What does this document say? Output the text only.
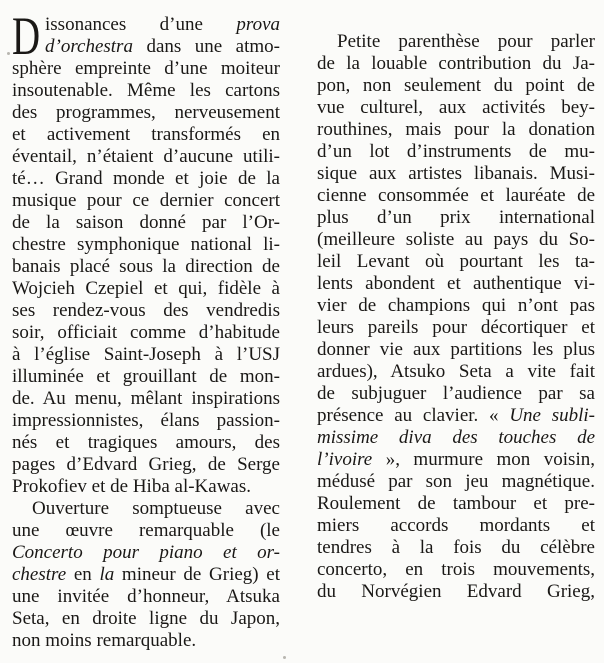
D issonances d’une prova
d’orchestra dans une atmo-
sphère empreinte d’une moiteur
insoutenable. Même les cartons
des programmes, nerveusement
et activement transformés en
éventail, n’étaient d’aucune utili-
té… Grand monde et joie de la
musique pour ce dernier concert
de la saison donné par l’Or-
chestre symphonique national li-
banais placé sous la direction de
Wojcieh Czepiel et qui, fidèle à
ses rendez-vous des vendredis
soir, officiait comme d’habitude
à l’église Saint-Joseph à l’USJ
illuminée et grouillant de mon-
de. Au menu, mêlant inspirations
impressionnistes, élans passion-
nés et tragiques amours, des
pages d’Edvard Grieg, de Serge
Prokofiev et de Hiba al-Kawas.
Ouverture somptueuse avec
une œuvre remarquable (le
Concerto pour piano et or-
chestre en la mineur de Grieg) et
une invitée d’honneur, Atsuka
Seta, en droite ligne du Japon,
non moins remarquable.
Petite parenthèse pour parler
de la louable contribution du Ja-
pon, non seulement du point de
vue culturel, aux activités bey-
routhines, mais pour la donation
d’un lot d’instruments de mu-
sique aux artistes libanais. Musi-
cienne consommée et lauréate de
plus d’un prix international
(meilleure soliste au pays du So-
leil Levant où pourtant les ta-
lents abondent et authentique vi-
vier de champions qui n’ont pas
leurs pareils pour décortiquer et
donner vie aux partitions les plus
ardues), Atsuko Seta a vite fait
de subjuguer l’audience par sa
présence au clavier. « Une subli-
missime diva des touches de
l’ivoire », murmure mon voisin,
médusé par son jeu magnétique.
Roulement de tambour et pre-
miers accords mordants et
tendres à la fois du célèbre
concerto, en trois mouvements,
du Norvégien Edvard Grieg,
